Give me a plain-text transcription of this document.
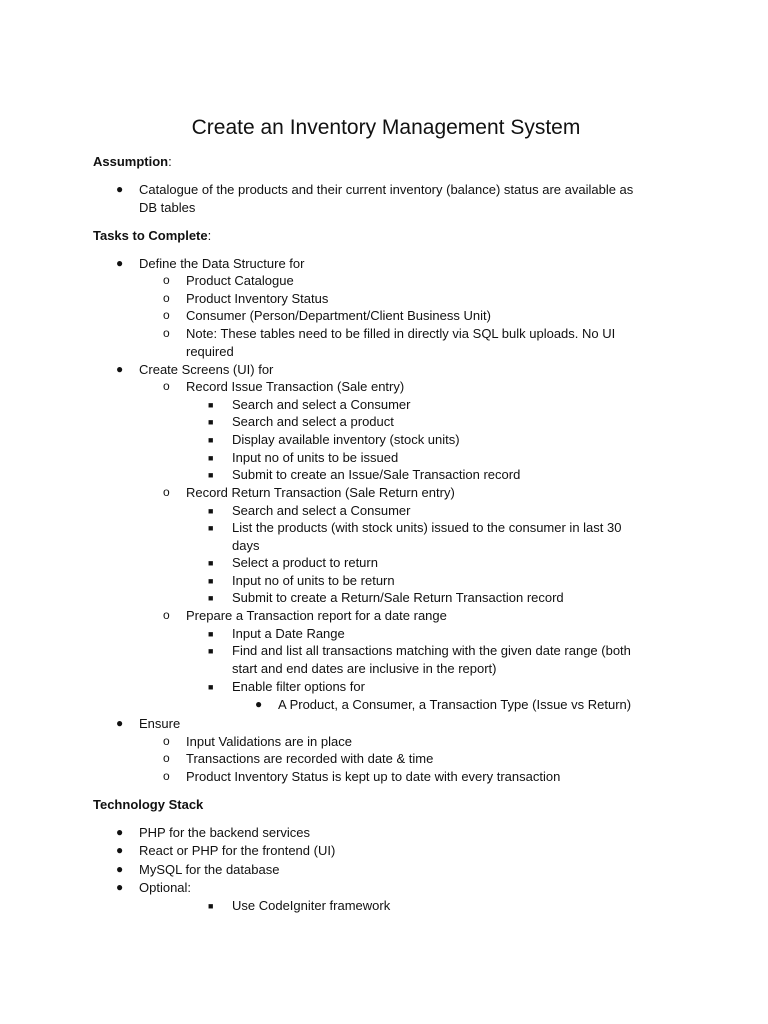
Create an Inventory Management System
Assumption:
●	Catalogue of the products and their current inventory (balance) status are available as
DB tables
Tasks to Complete:
●	Define the Data Structure for
o	Product Catalogue
o	Product Inventory Status
o	Consumer (Person/Department/Client Business Unit)
o	Note: These tables need to be filled in directly via SQL bulk uploads. No UI
required
●	Create Screens (UI) for
o	Record Issue Transaction (Sale entry)
■	Search and select a Consumer
■	Search and select a product
■	Display available inventory (stock units)
■	Input no of units to be issued
■	Submit to create an Issue/Sale Transaction record
o	Record Return Transaction (Sale Return entry)
■	Search and select a Consumer
■	List the products (with stock units) issued to the consumer in last 30
days
■	Select a product to return
■	Input no of units to be return
■	Submit to create a Return/Sale Return Transaction record
o	Prepare a Transaction report for a date range
■	Input a Date Range
■	Find and list all transactions matching with the given date range (both
start and end dates are inclusive in the report)
■	Enable filter options for
●	A Product, a Consumer, a Transaction Type (Issue vs Return)
●	Ensure
o	Input Validations are in place
o	Transactions are recorded with date & time
o	Product Inventory Status is kept up to date with every transaction
Technology Stack
●	PHP for the backend services
●	React or PHP for the frontend (UI)
●	MySQL for the database
●	Optional:
■	Use CodeIgniter framework
